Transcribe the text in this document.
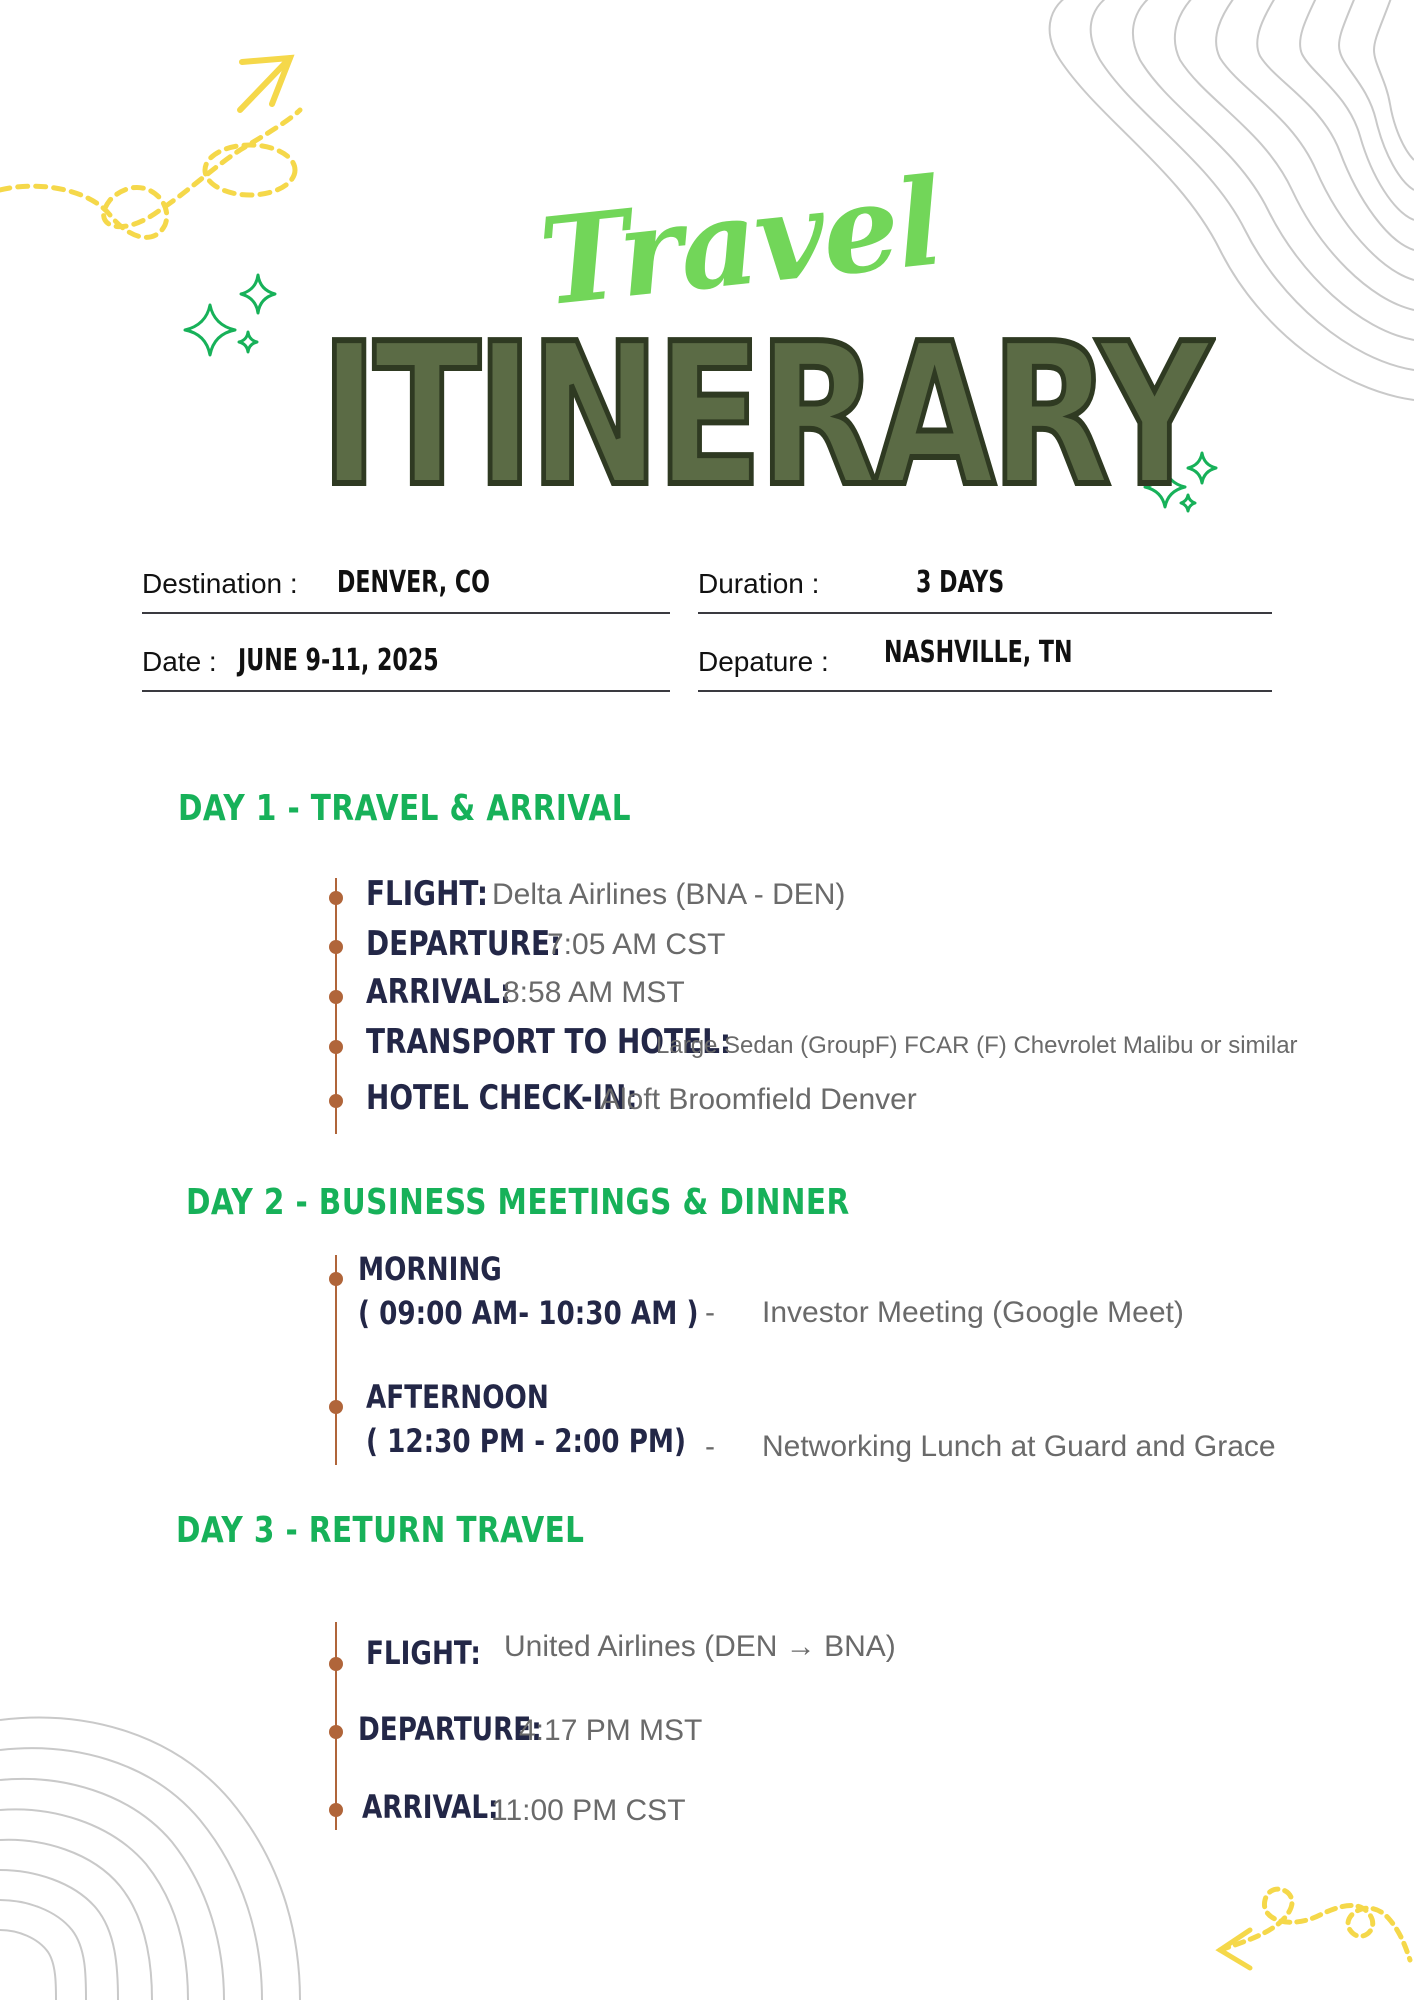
Travel
ITINERARY
Destination : DENVER, CO	Duration :	3 DAYS
Date : JUNE 9-11, 2025	Depature : NASHVILLE, TN
DAY 1 - TRAVEL & ARRIVAL
FLIGHT: Delta Airlines (BNA - DEN)
DEPARTURE:
7:05 AM CST
ARRIVAL:
8:58 AM MST
TRANSPORT TO HOTEL:
Large Sedan (GroupF) FCAR (F) Chevrolet Malibu or similar
HOTEL CHECK-IN:
Aloft Broomfield Denver
DAY 2 - BUSINESS MEETINGS & DINNER
MORNING
( 09:00 AM- 10:30 AM ) - Investor Meeting (Google Meet)
AFTERNOON
( 12:30 PM - 2:00 PM) - Networking Lunch at Guard and Grace
DAY 3 - RETURN TRAVEL
FLIGHT: United Airlines (DEN → BNA)
DEPARTURE:
4:17 PM MST
ARRIVAL:
11:00 PM CST
